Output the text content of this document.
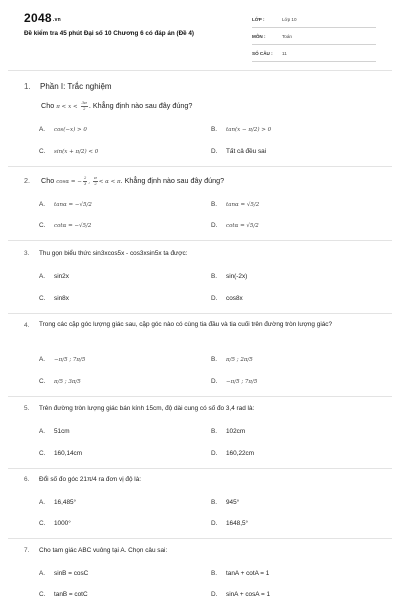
2048.vn
Đề kiểm tra 45 phút Đại số 10 Chương 6 có đáp án (Đề 4)
LỚP :	Lớp 10
MÔN :	Toán
SỐ CÂU : 11
1. Phần I: Trắc nghiệm
Cho $\pi < x < \frac{3\pi}{2}$ . Khẳng định nào sau đây đúng?
A. cos(−x) > 0	B. tan(x − π/2) > 0
C. sin(x + π/2) < 0	D. Tất cả đều sai
2. Cho cosα = − $\frac{2}{3}$ , $\frac{\pi}{2} < \alpha < \pi$. Khẳng định nào sau đây đúng?
A. tanα = −√5/2	B. tanα = √5/2
C. cotα = −√5/2	D. cotα = √5/2
3. Thu gọn biểu thức sin3xcos5x - cos3xsin5x ta được:
A. sin2x	B. sin(-2x)
C. sin8x	D. cos8x
4.	Trong các cặp góc lượng giác sau, cặp góc nào có cùng tia đầu và tia cuối trên đường tròn lượng giác?
A. −π/5 ; 7π/5	B. π/5 ; 2π/5
C. π/5 ; 3π/5	D. −π/5 ; 7π/5
5. Trên đường tròn lượng giác bán kính 15cm, độ dài cung có số đo 3,4 rad là:
A. 51cm	B. 102cm
C. 160,14cm	D. 160,22cm
6. Đổi số đo góc 21π/4 ra đơn vị độ là:
A. 16,485°	B. 945°
C. 1000°	D. 1648,5°
7. Cho tam giác ABC vuông tại A. Chọn câu sai:
A. sinB = cosC	B. tanA + cotA = 1
C. tanB = cotC	D. sinA + cosA = 1
